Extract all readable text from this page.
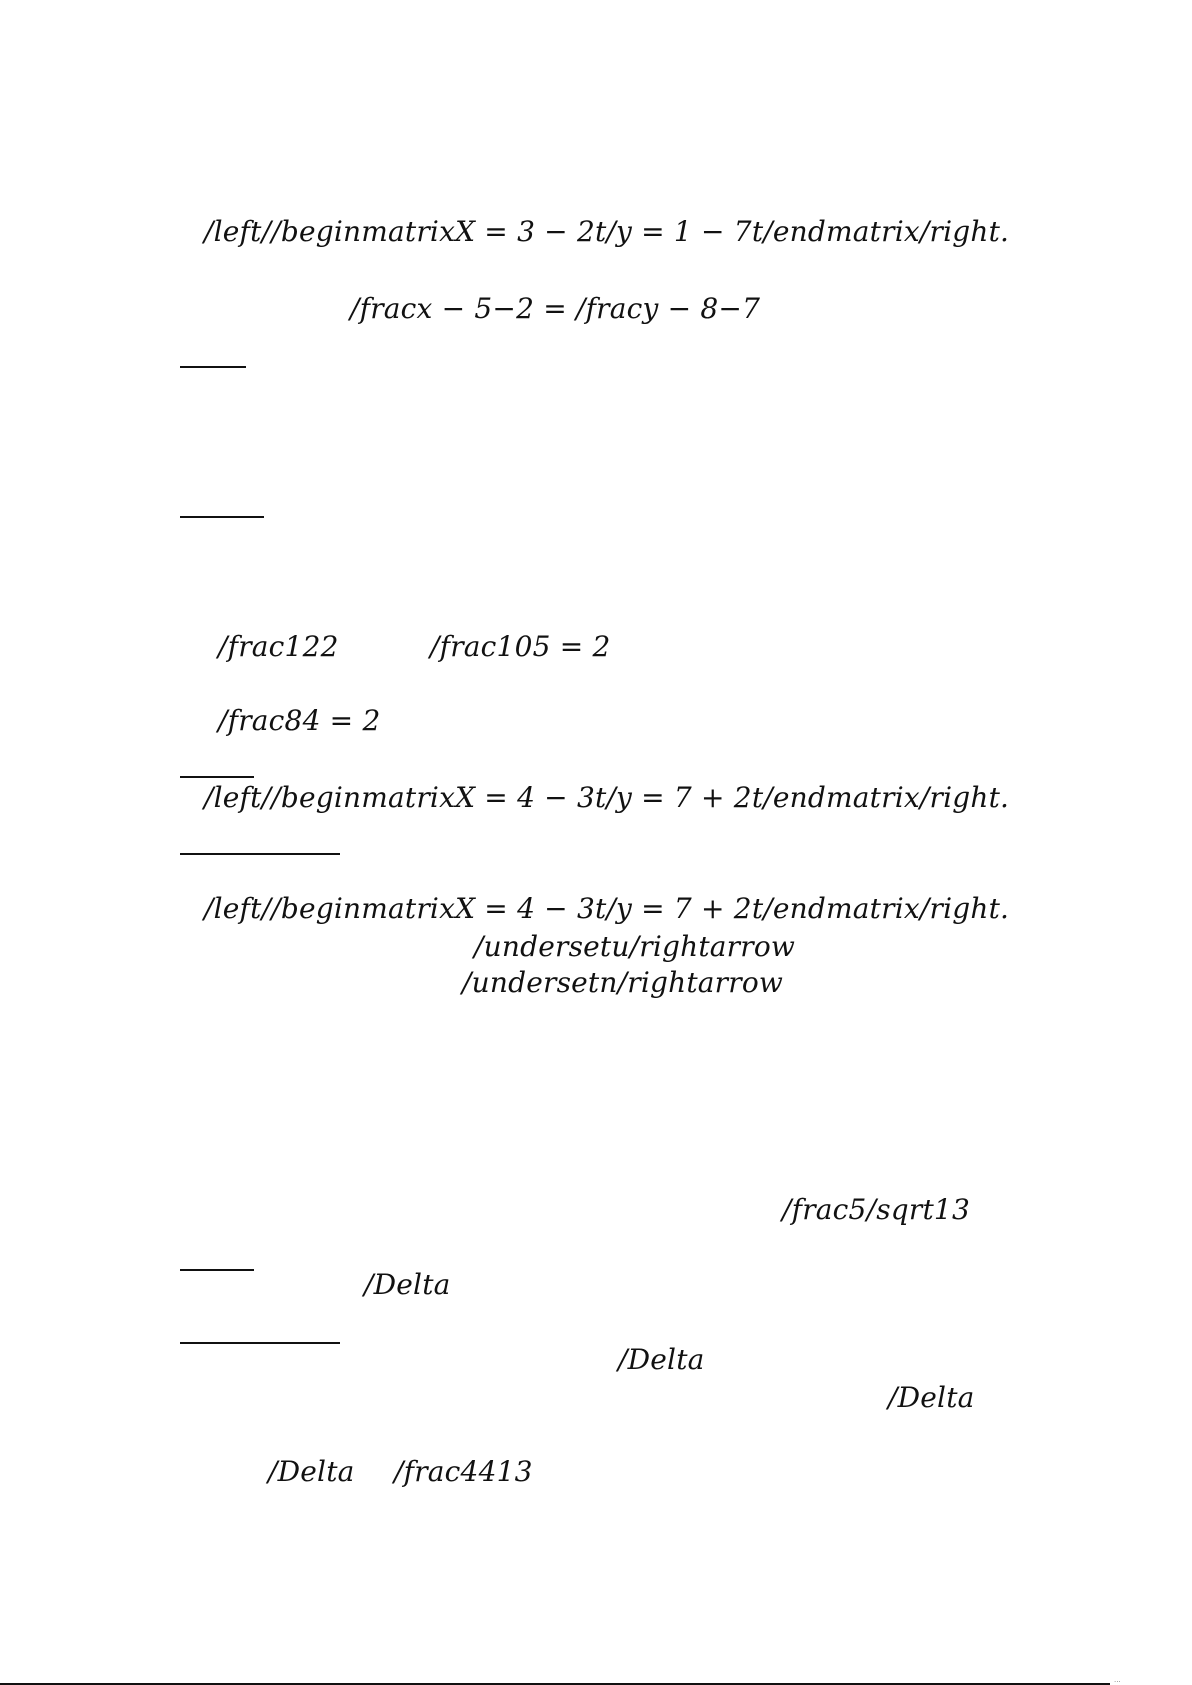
/left//beginmatrixX = 3 − 2t/y = 1 − 7t/endmatrix/right.
/fracx − 5−2 = /fracy − 8−7
/frac122	/frac105 = 2
/frac84 = 2
/left//beginmatrixX = 4 − 3t/y = 7 + 2t/endmatrix/right.
/left//beginmatrixX = 4 − 3t/y = 7 + 2t/endmatrix/right.
/undersetu/rightarrow
/undersetn/rightarrow
/frac5/sqrt13
/Delta
/Delta
/Delta
/Delta /frac4413
...
